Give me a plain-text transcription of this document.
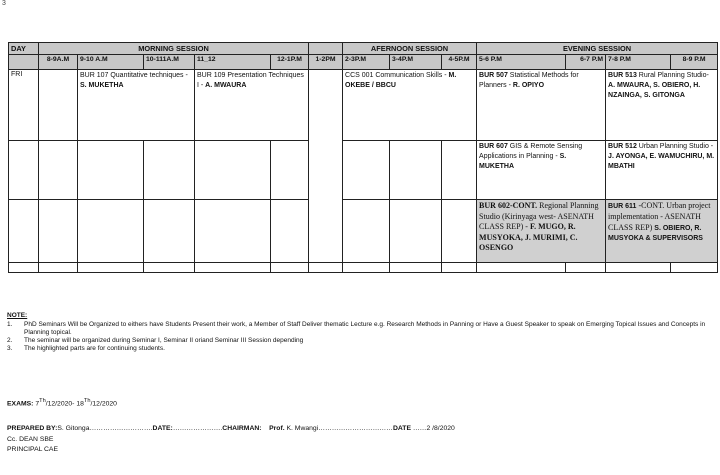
3
DAY	MORNING SESSION						AFERNOON SESSION			EVENING SESSION			
	8-9A.M	9-10 A.M	10-111A.M	11_12	12-1P.M	1-2PM	2-3P.M	3-4P.M	4-5P.M	5-6 P.M	6-7 P.M	7-8 P.M	8-9 P.M
FRI		BUR 107 Quantitative techniques - S. MUKETHA		BUR 109 Presentation Techniques I - A. MWAURA			CCS 001 Communication Skills - M. OKEBE / BBCU			BUR 507 Statistical Methods for Planners - R. OPIYO		BUR 513 Rural Planning Studio- A. MWAURA, S. OBIERO, H. NZAINGA, S. GITONGA	
										BUR 607 GIS & Remote Sensing Applications in Planning - S. MUKETHA		BUR 512 Urban Planning Studio - J. AYONGA, E. WAMUCHIRU, M. MBATHI	
										BUR 602-CONT. Regional Planning Studio (Kirinyaga west- ASENATH CLASS REP) - F. MUGO, R. MUSYOKA, J. MURIMI, C. OSENGO		BUR 611 -CONT. Urban project implementation - ASENATH CLASS REP) S. OBIERO, R. MUSYOKA & SUPERVISORS	

NOTE:
1.	PhD Seminars Will be Organized to eithers have Students Present their work, a Member of Staff Deliver thematic Lecture e.g. Research Methods in Panning or Have a Guest Speaker to speak on Emerging Topical Issues and Concepts in Planning topical.
2.	The seminar will be organized during Seminar I, Seminar II oriand Seminar III Session depending
3.	The highlighted parts are for continuing students.
EXAMS: 7Th/12/2020- 18Th/12/2020
PREPARED BY:S. Gitonga……………………….DATE:………………….CHAIRMAN: Prof. K. Mwangi……………………………DATE ……2 /8/2020
Cc. DEAN SBE
PRINCIPAL CAE
